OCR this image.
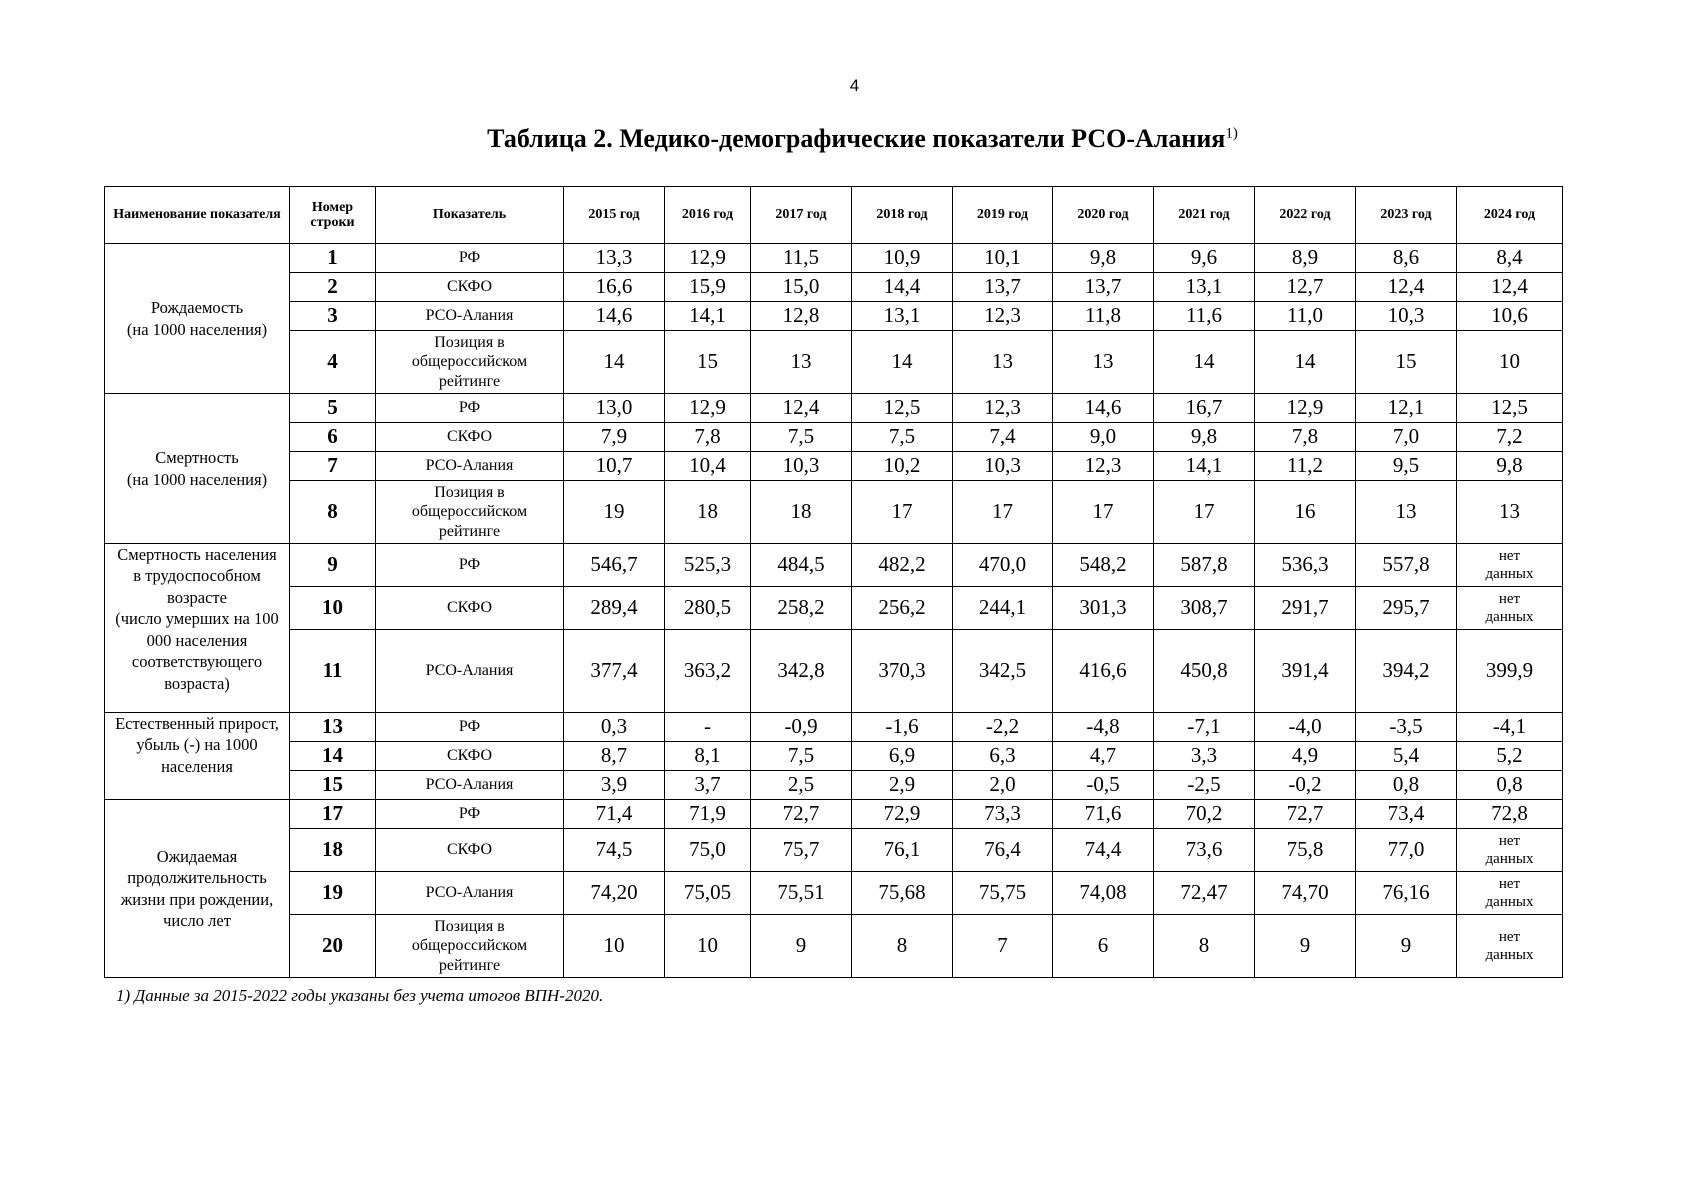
4
Таблица 2. Медико-демографические показатели РСО-Алания$^{1)}$
Наименование показателя	Номер строки	Показатель	2015 год	2016 год	2017 год	2018 год	2019 год	2020 год	2021 год	2022 год	2023 год	2024 год
Рождаемость
(на 1000 населения)	1	РФ	13,3	12,9	11,5	10,9	10,1	9,8	9,6	8,9	8,6	8,4
	2	СКФО	16,6	15,9	15,0	14,4	13,7	13,7	13,1	12,7	12,4	12,4
	3	РСО-Алания	14,6	14,1	12,8	13,1	12,3	11,8	11,6	11,0	10,3	10,6
	4	Позиция в общероссийском рейтинге	14	15	13	14	13	13	14	14	15	10
Смертность
(на 1000 населения)	5	РФ	13,0	12,9	12,4	12,5	12,3	14,6	16,7	12,9	12,1	12,5
	6	СКФО	7,9	7,8	7,5	7,5	7,4	9,0	9,8	7,8	7,0	7,2
	7	РСО-Алания	10,7	10,4	10,3	10,2	10,3	12,3	14,1	11,2	9,5	9,8
	8	Позиция в общероссийском рейтинге	19	18	18	17	17	17	17	16	13	13
Смертность населения
в трудоспособном возрасте
(число умерших на 100 000 населения соответствующего возраста)	9	РФ	546,7	525,3	484,5	482,2	470,0	548,2	587,8	536,3	557,8	нет данных
	10	СКФО	289,4	280,5	258,2	256,2	244,1	301,3	308,7	291,7	295,7	нет данных
	11	РСО-Алания	377,4	363,2	342,8	370,3	342,5	416,6	450,8	391,4	394,2	399,9
Естественный прирост,
убыль (-) на 1000 населения	13	РФ	0,3	-	-0,9	-1,6	-2,2	-4,8	-7,1	-4,0	-3,5	-4,1
	14	СКФО	8,7	8,1	7,5	6,9	6,3	4,7	3,3	4,9	5,4	5,2
	15	РСО-Алания	3,9	3,7	2,5	2,9	2,0	-0,5	-2,5	-0,2	0,8	0,8
Ожидаемая продолжительность жизни при рождении, число лет	17	РФ	71,4	71,9	72,7	72,9	73,3	71,6	70,2	72,7	73,4	72,8
	18	СКФО	74,5	75,0	75,7	76,1	76,4	74,4	73,6	75,8	77,0	нет данных
	19	РСО-Алания	74,20	75,05	75,51	75,68	75,75	74,08	72,47	74,70	76,16	нет данных
	20	Позиция в общероссийском рейтинге	10	10	9	8	7	6	8	9	9	нет данных
1) Данные за 2015-2022 годы указаны без учета итогов ВПН-2020.
